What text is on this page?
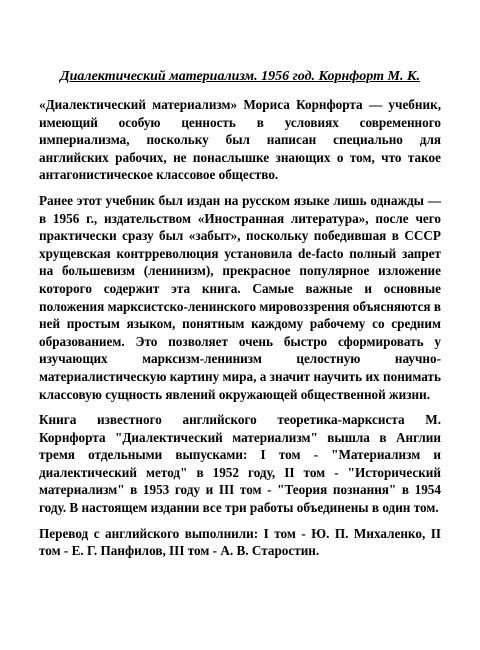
Диалектический материализм. 1956 год. Корнфорт М. К.

«Диалектический материализм» Мориса Корнфорта — учебник, имеющий особую ценность в условиях современного империализма, поскольку был написан специально для английских рабочих, не понаслышке знающих о том, что такое антагонистическое классовое общество.

Ранее этот учебник был издан на русском языке лишь однажды — в 1956 г., издательством «Иностранная литература», после чего практически сразу был «забыт», поскольку победившая в СССР хрущевская контрреволюция установила de-facto полный запрет на большевизм (ленинизм), прекрасное популярное изложение которого содержит эта книга. Самые важные и основные положения марксистско-ленинского мировоззрения объясняются в ней простым языком, понятным каждому рабочему со средним образованием. Это позволяет очень быстро сформировать у изучающих марксизм-ленинизм целостную научно-материалистическую картину мира, а значит научить их понимать классовую сущность явлений окружающей общественной жизни.

Книга известного английского теоретика-марксиста М. Корнфорта "Диалектический материализм" вышла в Англии тремя отдельными выпусками: I том - "Материализм и диалектический метод" в 1952 году, II том - "Исторический материализм" в 1953 году и III том - "Теория познания" в 1954 году. В настоящем издании все три работы объединены в один том.

Перевод с английского выполнили: I том - Ю. П. Михаленко, II том - Е. Г. Панфилов, III том - А. В. Старостин.
